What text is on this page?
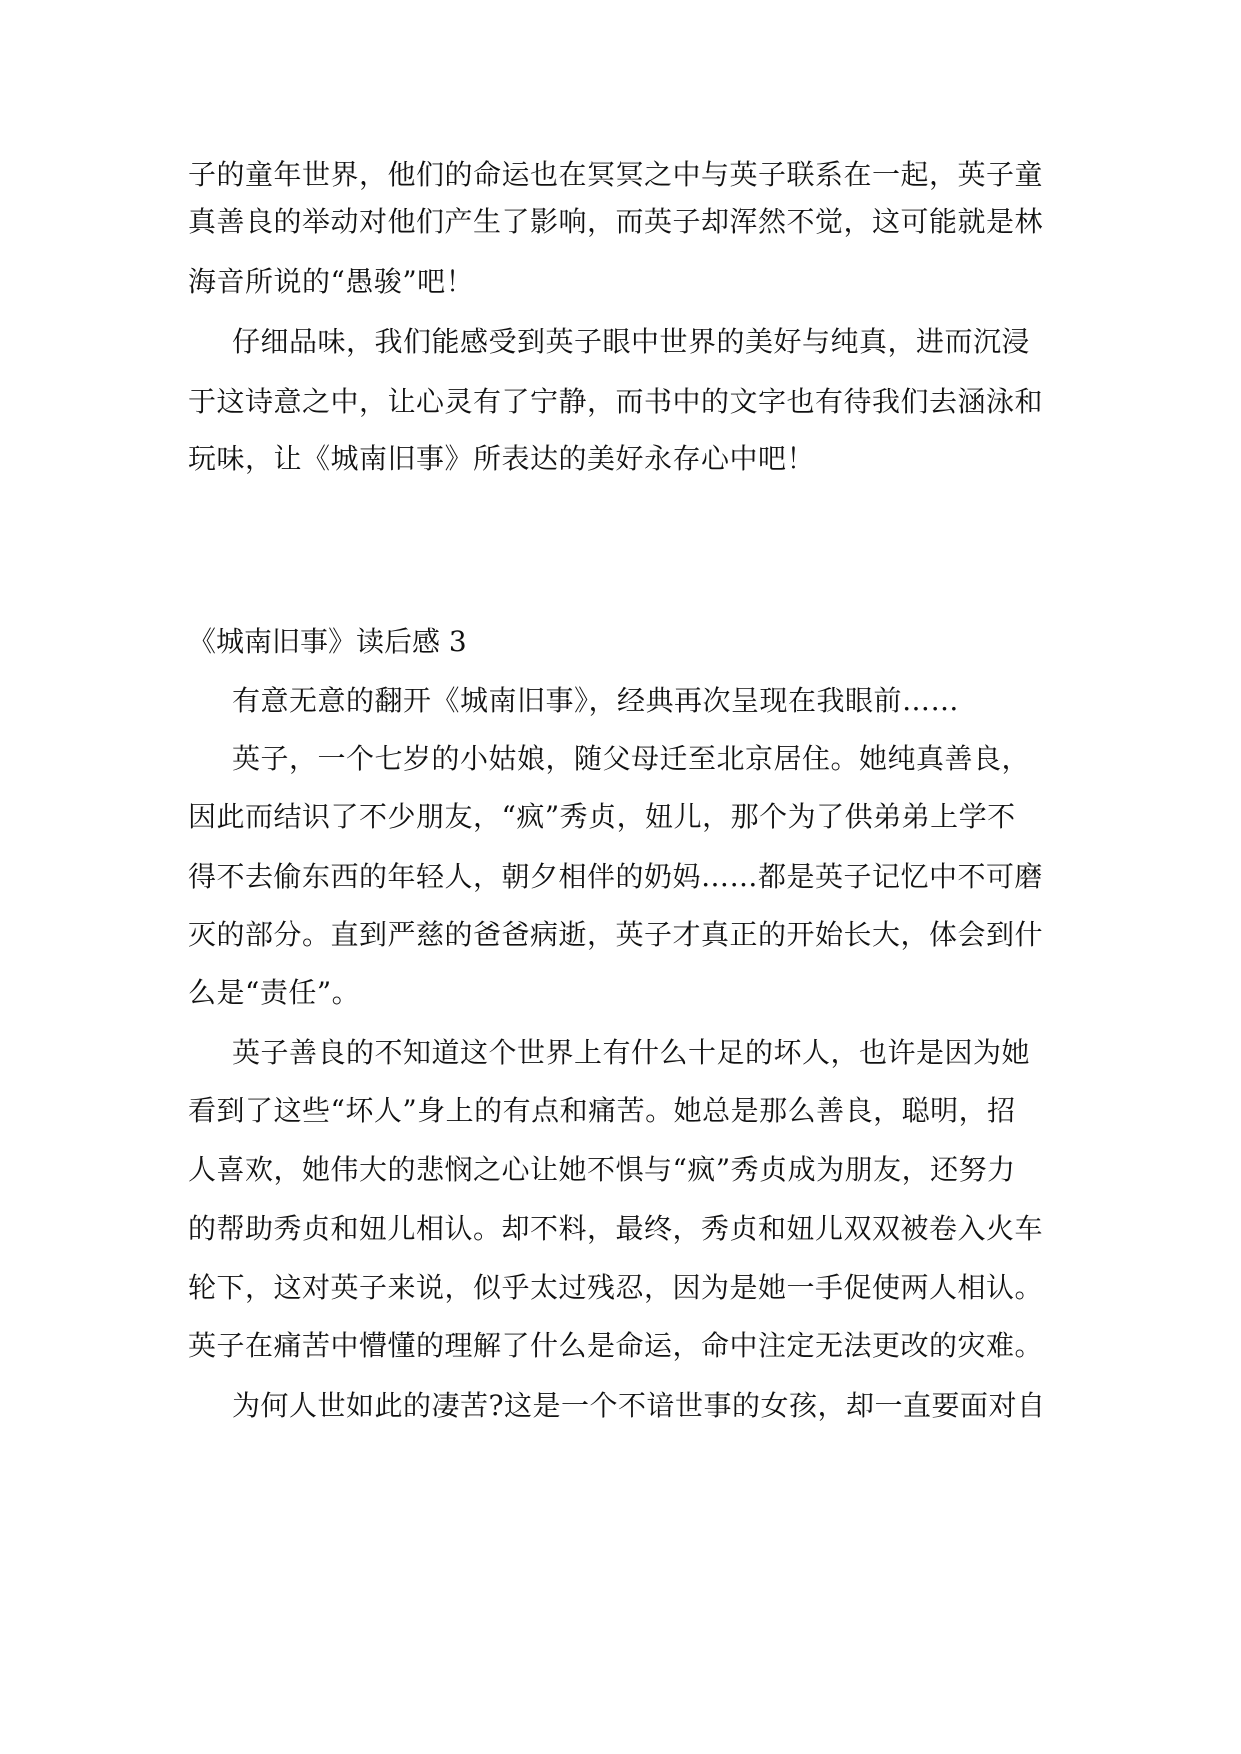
子的童年世界，他们的命运也在冥冥之中与英子联系在一起，英子童
真善良的举动对他们产生了影响，而英子却浑然不觉，这可能就是林
海音所说的“愚骏”吧！
仔细品味，我们能感受到英子眼中世界的美好与纯真，进而沉浸
于这诗意之中，让心灵有了宁静，而书中的文字也有待我们去涵泳和
玩味，让《城南旧事》所表达的美好永存心中吧！
《城南旧事》读后感 3
有意无意的翻开《城南旧事》，经典再次呈现在我眼前……
英子，一个七岁的小姑娘，随父母迁至北京居住。她纯真善良，
因此而结识了不少朋友，“疯”秀贞，妞儿，那个为了供弟弟上学不
得不去偷东西的年轻人，朝夕相伴的奶妈……都是英子记忆中不可磨
灭的部分。直到严慈的爸爸病逝，英子才真正的开始长大，体会到什
么是“责任”。
英子善良的不知道这个世界上有什么十足的坏人，也许是因为她
看到了这些“坏人”身上的有点和痛苦。她总是那么善良，聪明，招
人喜欢，她伟大的悲悯之心让她不惧与“疯”秀贞成为朋友，还努力
的帮助秀贞和妞儿相认。却不料，最终，秀贞和妞儿双双被卷入火车
轮下，这对英子来说，似乎太过残忍，因为是她一手促使两人相认。
英子在痛苦中懵懂的理解了什么是命运，命中注定无法更改的灾难。
为何人世如此的凄苦?这是一个不谙世事的女孩，却一直要面对自
